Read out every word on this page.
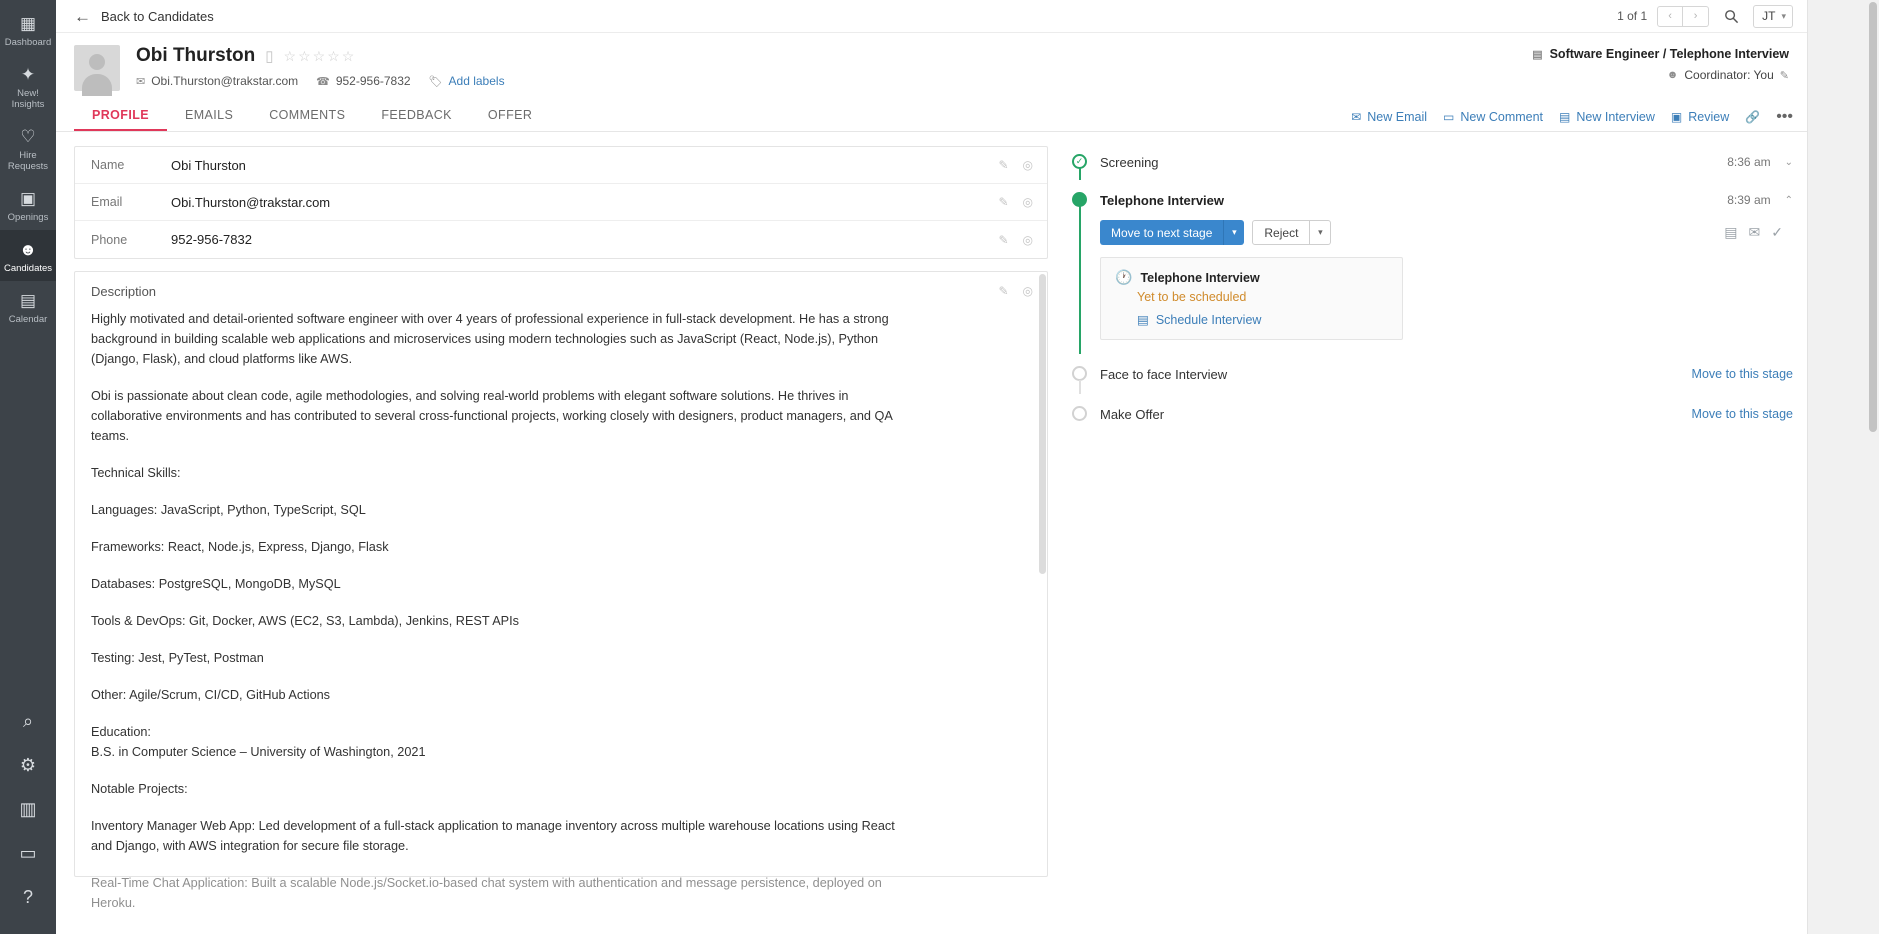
▦
Dashboard
✦
New!
Insights
♡
Hire
Requests
▣
Openings
☻
Candidates
▤
Calendar
⌕
⚙
▥
▭
?
← Back to Candidates	1 of 1	‹	›	JT ▾
Obi Thurston ▯ ☆ ☆ ☆ ☆ ☆
✉ Obi.Thurston@trakstar.com ☎ 952-956-7832 🏷 Add labels
▤ Software Engineer / Telephone Interview
☻ Coordinator: You ✎
PROFILE	EMAILS	COMMENTS	FEEDBACK	OFFER	✉ New Email ▭ New Comment ▤ New Interview ▣ Review 🔗 •••
Name	Obi Thurston	✎ ◎
Email	Obi.Thurston@trakstar.com	✎ ◎
Phone	952-956-7832	✎ ◎
Description	✎ ◎

Highly motivated and detail-oriented software engineer with over 4 years of professional experience in full-stack development. He has a strong background in building scalable web applications and microservices using modern technologies such as JavaScript (React, Node.js), Python (Django, Flask), and cloud platforms like AWS.

Obi is passionate about clean code, agile methodologies, and solving real-world problems with elegant software solutions. He thrives in collaborative environments and has contributed to several cross-functional projects, working closely with designers, product managers, and QA teams.

Technical Skills:

Languages: JavaScript, Python, TypeScript, SQL

Frameworks: React, Node.js, Express, Django, Flask

Databases: PostgreSQL, MongoDB, MySQL

Tools & DevOps: Git, Docker, AWS (EC2, S3, Lambda), Jenkins, REST APIs

Testing: Jest, PyTest, Postman

Other: Agile/Scrum, CI/CD, GitHub Actions

Education:

B.S. in Computer Science – University of Washington, 2021

Notable Projects:

Inventory Manager Web App: Led development of a full-stack application to manage inventory across multiple warehouse locations using React and Django, with AWS integration for secure file storage.

Real-Time Chat Application: Built a scalable Node.js/Socket.io-based chat system with authentication and message persistence, deployed on Heroku.

✓ Screening	8:36 am	⌄
Telephone Interview	8:39 am	⌃
Move to next stage	▾	Reject	▾	▤ ✉ ✓
🕐 Telephone Interview
Yet to be scheduled
▤ Schedule Interview
Face to face Interview	Move to this stage
Make Offer	Move to this stage
